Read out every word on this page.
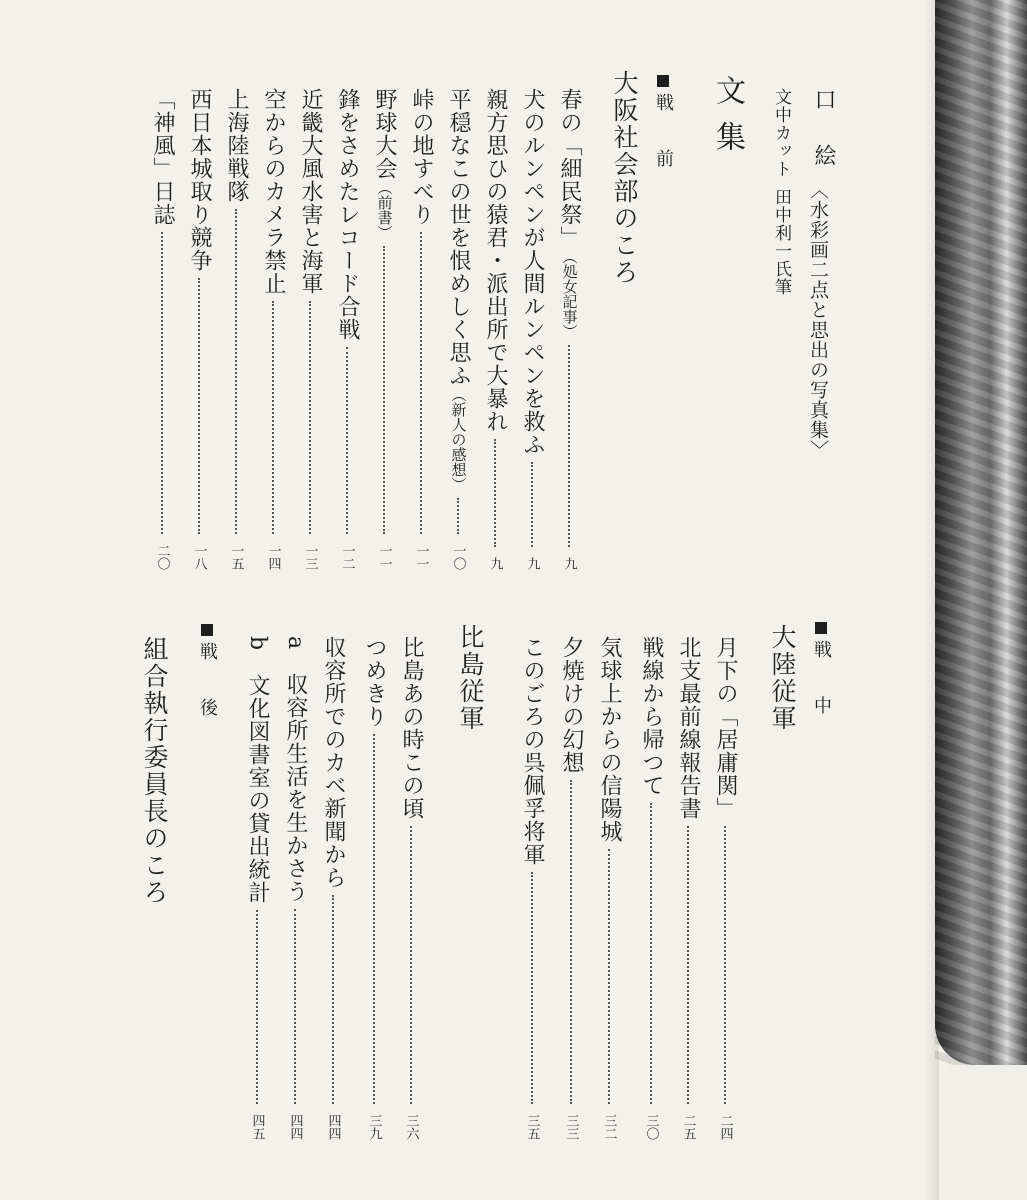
口　絵
〈水彩画二点と思出の写真集〉
文中カット
田中利一氏筆
文集
戦　前
大阪社会部のころ
春の「細民祭」
（処女記事）
九
犬のルンペンが人間ルンペンを救ふ
九
親方思ひの猿君・派出所で大暴れ
九
平穏なこの世を恨めしく思ふ
（新人の感想）
一〇
峠の地すべり
一一
野球大会
（前書）
一一
鋒をさめたレコード合戦
一二
近畿大風水害と海軍
一三
空からのカメラ禁止
一四
上海陸戦隊
一五
西日本城取り競争
一八
「神風」日誌
二〇
戦　中
大陸従軍
月下の「居庸関」
二四
北支最前線報告書
二五
戦線から帰つて
三〇
気球上からの信陽城
三二
夕焼けの幻想
三三
このごろの呉佩孚将軍
三五
比島従軍
比島あの時この頃
三六
つめきり
三九
収容所でのカベ新聞から
四四
a　収容所生活を生かさう
四四
b　文化図書室の貸出統計
四五
戦　後
組合執行委員長のころ
